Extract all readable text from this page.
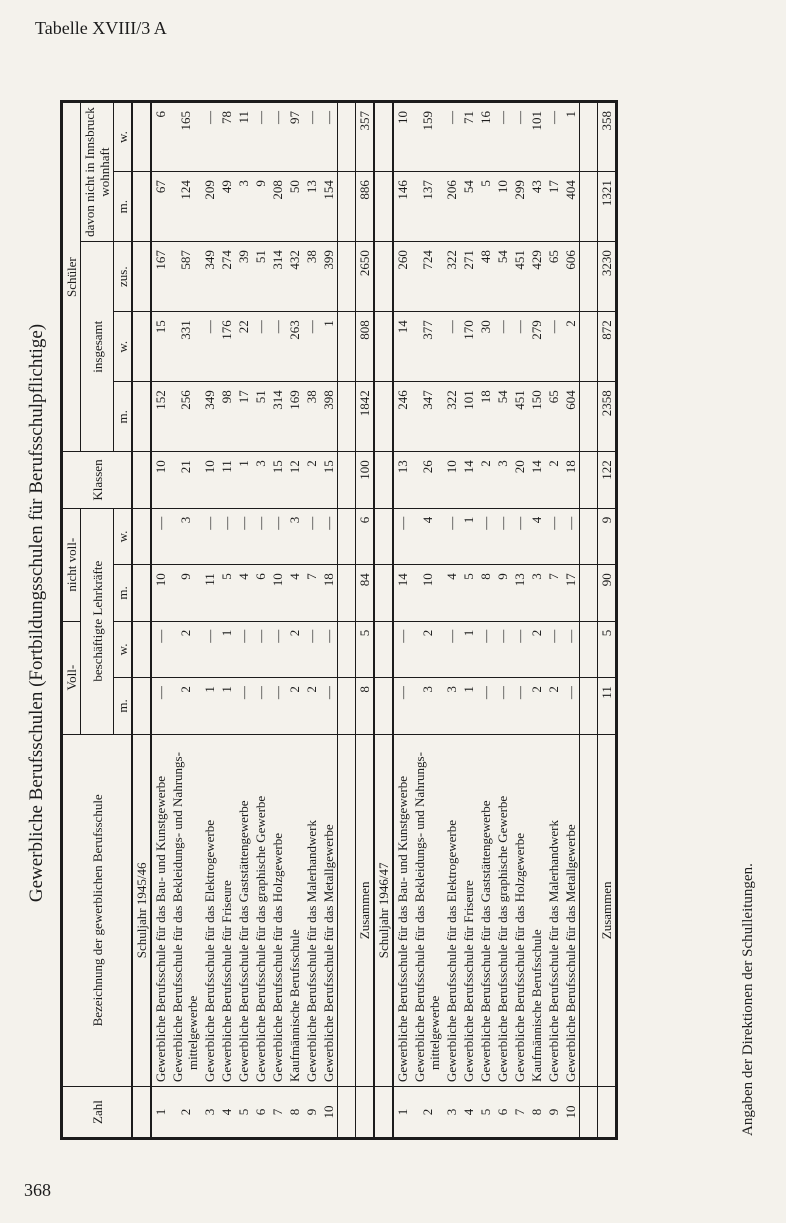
Tabelle XVIII/3 A
368
Gewerbliche Berufsschulen (Fortbildungsschulen für Berufsschulpflichtige)
Zahl	Bezeichnung der gewerblichen Berufsschule	Voll-		nicht voll-		Klassen	Schüler				
		beschäftigte Lehrkräfte					insgesamt			davon nicht in Innsbruck wohnhaft	
		m.	w.	m.	w.		m.	w.	zus.	m.	w.
	Schuljahr 1945/46										
1	Gewerbliche Berufsschule für das Bau- und Kunstgewerbe	—	—	10	—	10	152	15	167	67	6
2	Gewerbliche Berufsschule für das Bekleidungs- und Nahrungs- mittelgewerbe	2	2	9	3	21	256	331	587	124	165
3	Gewerbliche Berufsschule für das Elektrogewerbe	1	—	11	—	10	349	—	349	209	—
4	Gewerbliche Berufsschule für Friseure	1	1	5	—	11	98	176	274	49	78
5	Gewerbliche Berufsschule für das Gaststättengewerbe	—	—	4	—	1	17	22	39	3	11
6	Gewerbliche Berufsschule für das graphische Gewerbe	—	—	6	—	3	51	—	51	9	—
7	Gewerbliche Berufsschule für das Holzgewerbe	—	—	10	—	15	314	—	314	208	—
8	Kaufmännische Berufsschule	2	2	4	3	12	169	263	432	50	97
9	Gewerbliche Berufsschule für das Malerhandwerk	2	—	7	—	2	38	—	38	13	—
10	Gewerbliche Berufsschule für das Metallgewerbe	—	—	18	—	15	398	1	399	154	—

	Zusammen	8	5	84	6	100	1842	808	2650	886	357
	Schuljahr 1946/47										
1	Gewerbliche Berufsschule für das Bau- und Kunstgewerbe	—	—	14	—	13	246	14	260	146	10
2	Gewerbliche Berufsschule für das Bekleidungs- und Nahrungs- mittelgewerbe	3	2	10	4	26	347	377	724	137	159
3	Gewerbliche Berufsschule für das Elektrogewerbe	3	—	4	—	10	322	—	322	206	—
4	Gewerbliche Berufsschule für Friseure	1	1	5	1	14	101	170	271	54	71
5	Gewerbliche Berufsschule für das Gaststättengewerbe	—	—	8	—	2	18	30	48	5	16
6	Gewerbliche Berufsschule für das graphische Gewerbe	—	—	9	—	3	54	—	54	10	—
7	Gewerbliche Berufsschule für das Holzgewerbe	—	—	13	—	20	451	—	451	299	—
8	Kaufmännische Berufsschule	2	2	3	4	14	150	279	429	43	101
9	Gewerbliche Berufsschule für das Malerhandwerk	2	—	7	—	2	65	—	65	17	—
10	Gewerbliche Berufsschule für das Metallgewerbe	—	—	17	—	18	604	2	606	404	1

	Zusammen	11	5	90	9	122	2358	872	3230	1321	358
Angaben der Direktionen der Schulleitungen.
